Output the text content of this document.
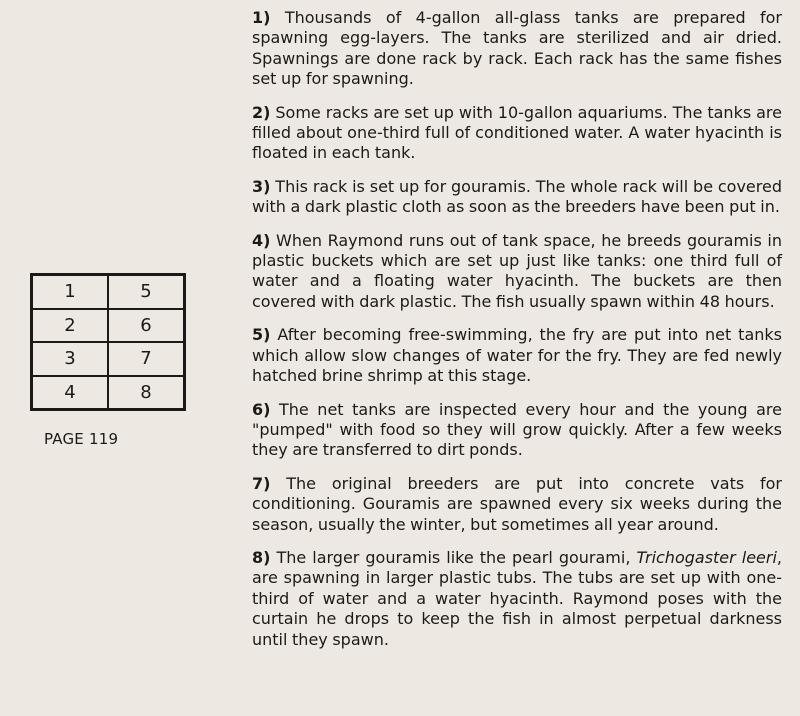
1	5
2	6
3	7
4	8
PAGE 119

1) Thousands of 4-gallon all-glass tanks are prepared for spawning egg-layers. The tanks are sterilized and air dried. Spawnings are done rack by rack. Each rack has the same fishes set up for spawning.

2) Some racks are set up with 10-gallon aquariums. The tanks are filled about one-third full of conditioned water. A water hyacinth is floated in each tank.

3) This rack is set up for gouramis. The whole rack will be covered with a dark plastic cloth as soon as the breeders have been put in.

4) When Raymond runs out of tank space, he breeds gouramis in plastic buckets which are set up just like tanks: one third full of water and a floating water hyacinth. The buckets are then covered with dark plastic. The fish usually spawn within 48 hours.

5) After becoming free-swimming, the fry are put into net tanks which allow slow changes of water for the fry. They are fed newly hatched brine shrimp at this stage.

6) The net tanks are inspected every hour and the young are "pumped" with food so they will grow quickly. After a few weeks they are transferred to dirt ponds.

7) The original breeders are put into concrete vats for conditioning. Gouramis are spawned every six weeks during the season, usually the winter, but sometimes all year around.

8) The larger gouramis like the pearl gourami, Trichogaster leeri, are spawning in larger plastic tubs. The tubs are set up with one-third of water and a water hyacinth. Raymond poses with the curtain he drops to keep the fish in almost perpetual darkness until they spawn.
